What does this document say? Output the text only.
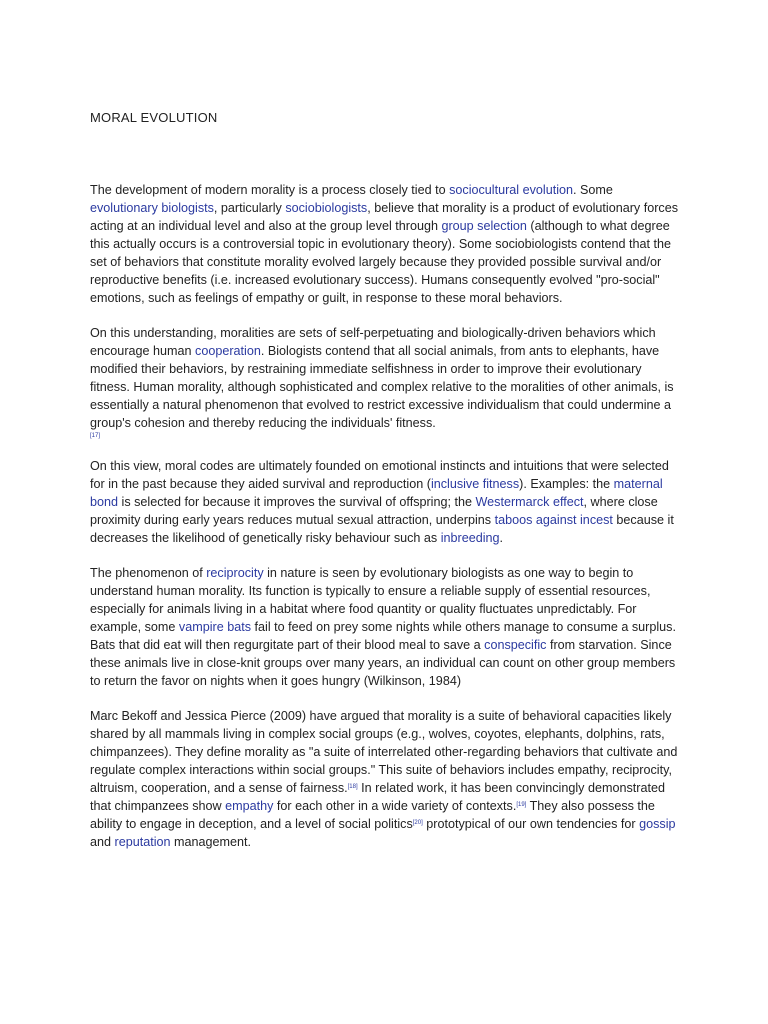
MORAL EVOLUTION

The development of modern morality is a process closely tied to sociocultural evolution. Some evolutionary biologists, particularly sociobiologists, believe that morality is a product of evolutionary forces acting at an individual level and also at the group level through group selection (although to what degree this actually occurs is a controversial topic in evolutionary theory). Some sociobiologists contend that the set of behaviors that constitute morality evolved largely because they provided possible survival and/or reproductive benefits (i.e. increased evolutionary success). Humans consequently evolved "pro-social" emotions, such as feelings of empathy or guilt, in response to these moral behaviors.

On this understanding, moralities are sets of self-perpetuating and biologically-driven behaviors which encourage human cooperation. Biologists contend that all social animals, from ants to elephants, have modified their behaviors, by restraining immediate selfishness in order to improve their evolutionary fitness. Human morality, although sophisticated and complex relative to the moralities of other animals, is essentially a natural phenomenon that evolved to restrict excessive individualism that could undermine a group's cohesion and thereby reducing the individuals' fitness.
[17]

On this view, moral codes are ultimately founded on emotional instincts and intuitions that were selected for in the past because they aided survival and reproduction (inclusive fitness). Examples: the maternal bond is selected for because it improves the survival of offspring; the Westermarck effect, where close proximity during early years reduces mutual sexual attraction, underpins taboos against incest because it decreases the likelihood of genetically risky behaviour such as inbreeding.

The phenomenon of reciprocity in nature is seen by evolutionary biologists as one way to begin to understand human morality. Its function is typically to ensure a reliable supply of essential resources, especially for animals living in a habitat where food quantity or quality fluctuates unpredictably. For example, some vampire bats fail to feed on prey some nights while others manage to consume a surplus. Bats that did eat will then regurgitate part of their blood meal to save a conspecific from starvation. Since these animals live in close-knit groups over many years, an individual can count on other group members to return the favor on nights when it goes hungry (Wilkinson, 1984)

Marc Bekoff and Jessica Pierce (2009) have argued that morality is a suite of behavioral capacities likely shared by all mammals living in complex social groups (e.g., wolves, coyotes, elephants, dolphins, rats, chimpanzees). They define morality as "a suite of interrelated other-regarding behaviors that cultivate and regulate complex interactions within social groups." This suite of behaviors includes empathy, reciprocity, altruism, cooperation, and a sense of fairness.[18] In related work, it has been convincingly demonstrated that chimpanzees show empathy for each other in a wide variety of contexts.[19] They also possess the ability to engage in deception, and a level of social politics[20] prototypical of our own tendencies for gossip and reputation management.
